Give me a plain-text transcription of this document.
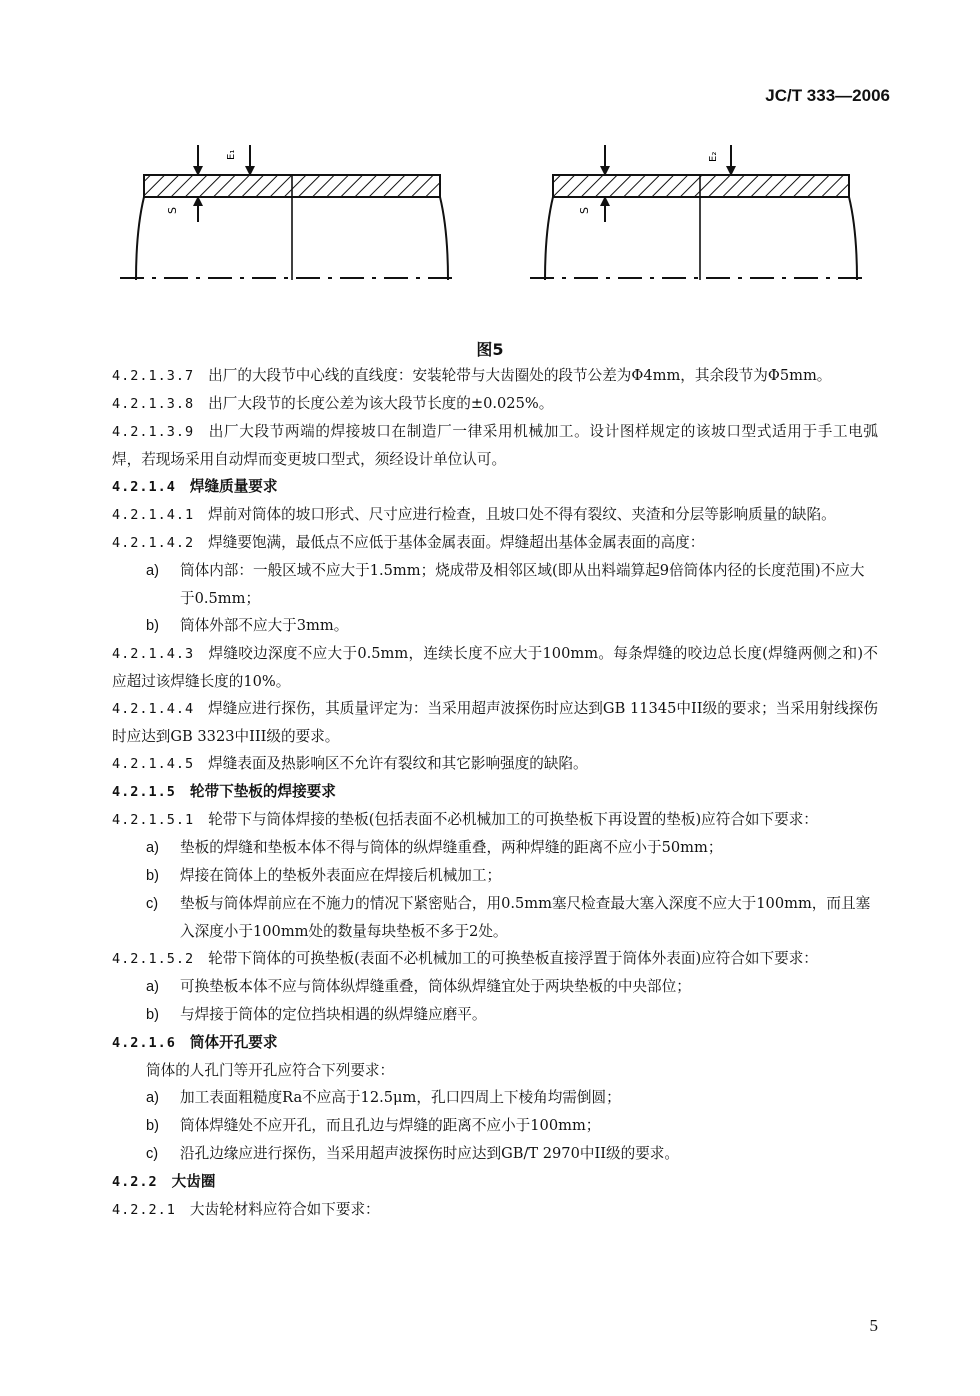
JC/T 333—2006
S
E₁
S
E₂
图5

4.2.1.3.7 出厂的大段节中心线的直线度：安装轮带与大齿圈处的段节公差为Φ4mm，其余段节为Φ5mm。

4.2.1.3.8 出厂大段节的长度公差为该大段节长度的±0.025%。

4.2.1.3.9 出厂大段节两端的焊接坡口在制造厂一律采用机械加工。设计图样规定的该坡口型式适用于手工电弧焊，若现场采用自动焊而变更坡口型式，须经设计单位认可。

4.2.1.4 焊缝质量要求

4.2.1.4.1 焊前对筒体的坡口形式、尺寸应进行检查，且坡口处不得有裂纹、夹渣和分层等影响质量的缺陷。

4.2.1.4.2 焊缝要饱满，最低点不应低于基体金属表面。焊缝超出基体金属表面的高度：

a) 筒体内部：一般区域不应大于1.5mm；烧成带及相邻区域(即从出料端算起9倍筒体内径的长度范围)不应大于0.5mm；

b) 筒体外部不应大于3mm。

4.2.1.4.3 焊缝咬边深度不应大于0.5mm，连续长度不应大于100mm。每条焊缝的咬边总长度(焊缝两侧之和)不应超过该焊缝长度的10%。

4.2.1.4.4 焊缝应进行探伤，其质量评定为：当采用超声波探伤时应达到GB 11345中II级的要求；当采用射线探伤时应达到GB 3323中III级的要求。

4.2.1.4.5 焊缝表面及热影响区不允许有裂纹和其它影响强度的缺陷。

4.2.1.5 轮带下垫板的焊接要求

4.2.1.5.1 轮带下与筒体焊接的垫板(包括表面不必机械加工的可换垫板下再设置的垫板)应符合如下要求：

a) 垫板的焊缝和垫板本体不得与筒体的纵焊缝重叠，两种焊缝的距离不应小于50mm；

b) 焊接在筒体上的垫板外表面应在焊接后机械加工；

c) 垫板与筒体焊前应在不施力的情况下紧密贴合，用0.5mm塞尺检查最大塞入深度不应大于100mm，而且塞入深度小于100mm处的数量每块垫板不多于2处。

4.2.1.5.2 轮带下筒体的可换垫板(表面不必机械加工的可换垫板直接浮置于筒体外表面)应符合如下要求：

a) 可换垫板本体不应与筒体纵焊缝重叠，筒体纵焊缝宜处于两块垫板的中央部位；

b) 与焊接于筒体的定位挡块相遇的纵焊缝应磨平。

4.2.1.6 筒体开孔要求

筒体的人孔门等开孔应符合下列要求：

a) 加工表面粗糙度Ra不应高于12.5μm，孔口四周上下棱角均需倒圆；

b) 筒体焊缝处不应开孔，而且孔边与焊缝的距离不应小于100mm；

c) 沿孔边缘应进行探伤，当采用超声波探伤时应达到GB/T 2970中II级的要求。

4.2.2 大齿圈

4.2.2.1 大齿轮材料应符合如下要求：

5
